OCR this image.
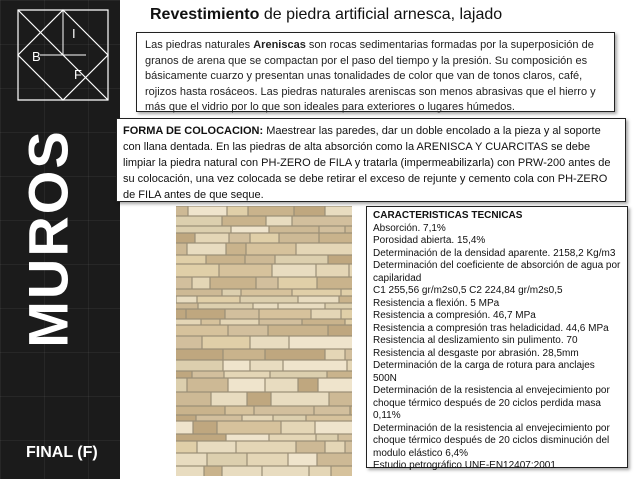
I
B
F
MUROS
FINAL (F)
Revestimiento de piedra artificial arnesca, lajado
Las piedras naturales Areniscas son rocas sedimentarias formadas por la superposición de granos de arena que se compactan por el paso del tiempo y la presión. Su composición es básicamente cuarzo y presentan unas tonalidades de color que van de tonos claros, café, rojizos hasta rosáceos. Las piedras naturales areniscas son menos abrasivas que el hierro y más que el vidrio por lo que son ideales para exteriores o lugares húmedos.
FORMA DE COLOCACION: Maestrear las paredes, dar un doble encolado a la pieza y al soporte con llana dentada. En las piedras de alta absorción como la ARENISCA Y CUARCITAS se debe limpiar la piedra natural con PH-ZERO de FILA y tratarla (impermeabilizarla) con PRW-200 antes de su colocación, una vez colocada se debe retirar el exceso de rejunte y cemento cola con PH-ZERO de FILA antes de que seque.
CARACTERISTICAS TECNICAS
Absorción. 7,1%
Porosidad abierta. 15,4%
Determinación de la densidad aparente. 2158,2 Kg/m3
Determinación del coeficiente de absorción de agua por capilaridad
C1 255,56 gr/m2s0,5 C2 224,84 gr/m2s0,5
Resistencia a flexión. 5 MPa
Resistencia a compresión. 46,7 MPa
Resistencia a compresión tras heladicidad. 44,6 MPa
Resistencia al deslizamiento sin pulimento. 70
Resistencia al desgaste por abrasión. 28,5mm
Determinación de la carga de rotura para anclajes 500N
Determinación de la resistencia al envejecimiento por choque térmico después de 20 ciclos perdida masa 0,11%
Determinación de la resistencia al envejecimiento por choque térmico después de 20 ciclos disminución del modulo elástico 6,4%
Estudio petrográfico UNE-EN12407:2001
